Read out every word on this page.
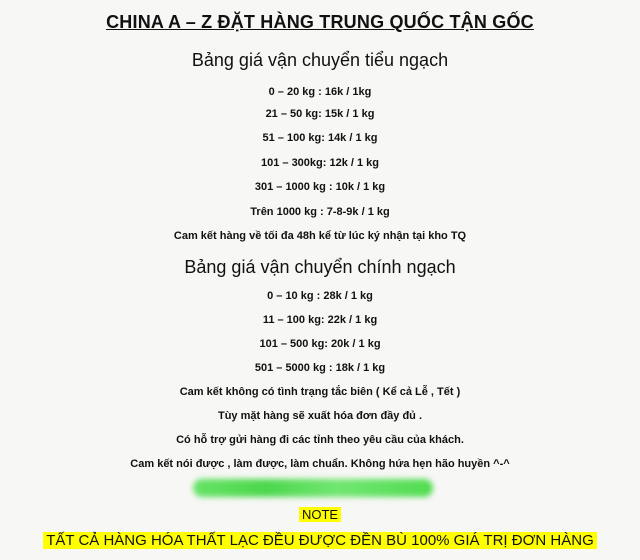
CHINA A – Z ĐẶT HÀNG TRUNG QUỐC TẬN GỐC
Bảng giá vận chuyển tiểu ngạch
0 – 20 kg : 16k / 1kg
21 – 50 kg: 15k / 1 kg
51 – 100 kg: 14k / 1 kg
101 – 300kg: 12k / 1 kg
301 – 1000 kg : 10k / 1 kg
Trên 1000 kg : 7-8-9k / 1 kg
Cam kết hàng về tối đa 48h kể từ lúc ký nhận tại kho TQ
Bảng giá vận chuyển chính ngạch
0 – 10 kg : 28k / 1 kg
11 – 100 kg: 22k / 1 kg
101 – 500 kg: 20k / 1 kg
501 – 5000 kg : 18k / 1 kg
Cam kết không có tình trạng tắc biên ( Kể cả Lễ , Tết )
Tùy mặt hàng sẽ xuất hóa đơn đầy đủ .
Có hỗ trợ gửi hàng đi các tỉnh theo yêu cầu của khách.
Cam kết nói được , làm được, làm chuẩn. Không hứa hẹn hão huyền ^-^
NOTE
TẤT CẢ HÀNG HÓA THẤT LẠC ĐỀU ĐƯỢC ĐỀN BÙ 100% GIÁ TRỊ ĐƠN HÀNG
